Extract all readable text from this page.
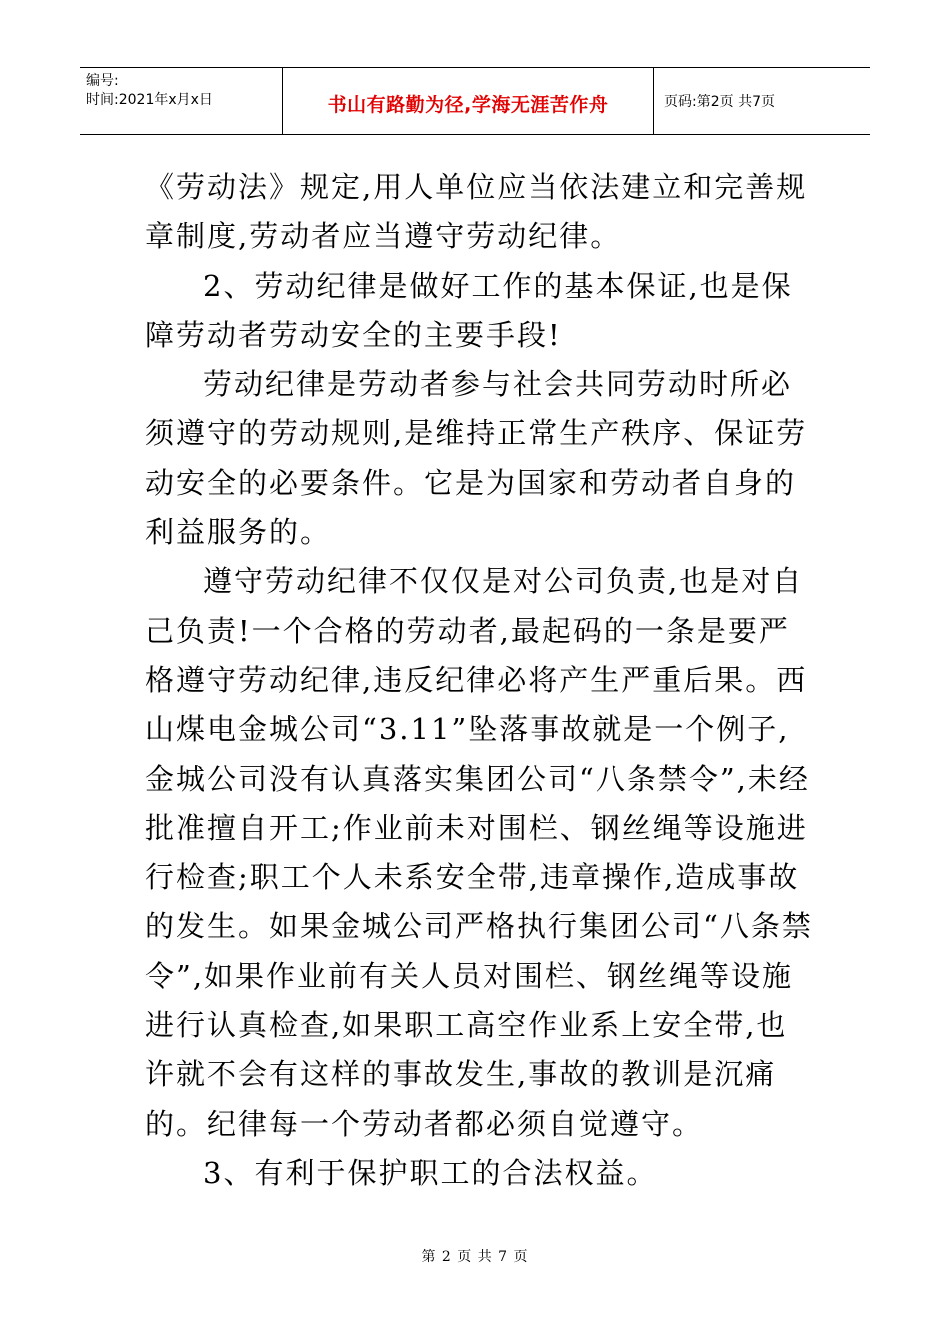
编号:
时间:2021年x月x日	书山有路勤为径,学海无涯苦作舟	页码:第2页 共7页

《劳动法》规定,用人单位应当依法建立和完善规章制度,劳动者应当遵守劳动纪律。

2、劳动纪律是做好工作的基本保证,也是保障劳动者劳动安全的主要手段!

劳动纪律是劳动者参与社会共同劳动时所必须遵守的劳动规则,是维持正常生产秩序、保证劳动安全的必要条件。它是为国家和劳动者自身的利益服务的。

遵守劳动纪律不仅仅是对公司负责,也是对自己负责!一个合格的劳动者,最起码的一条是要严格遵守劳动纪律,违反纪律必将产生严重后果。西山煤电金城公司“3.11”坠落事故就是一个例子,金城公司没有认真落实集团公司“八条禁令”,未经批准擅自开工;作业前未对围栏、钢丝绳等设施进行检查;职工个人未系安全带,违章操作,造成事故的发生。如果金城公司严格执行集团公司“八条禁令”,如果作业前有关人员对围栏、钢丝绳等设施进行认真检查,如果职工高空作业系上安全带,也许就不会有这样的事故发生,事故的教训是沉痛的。纪律每一个劳动者都必须自觉遵守。

3、有利于保护职工的合法权益。

第 2 页 共 7 页
